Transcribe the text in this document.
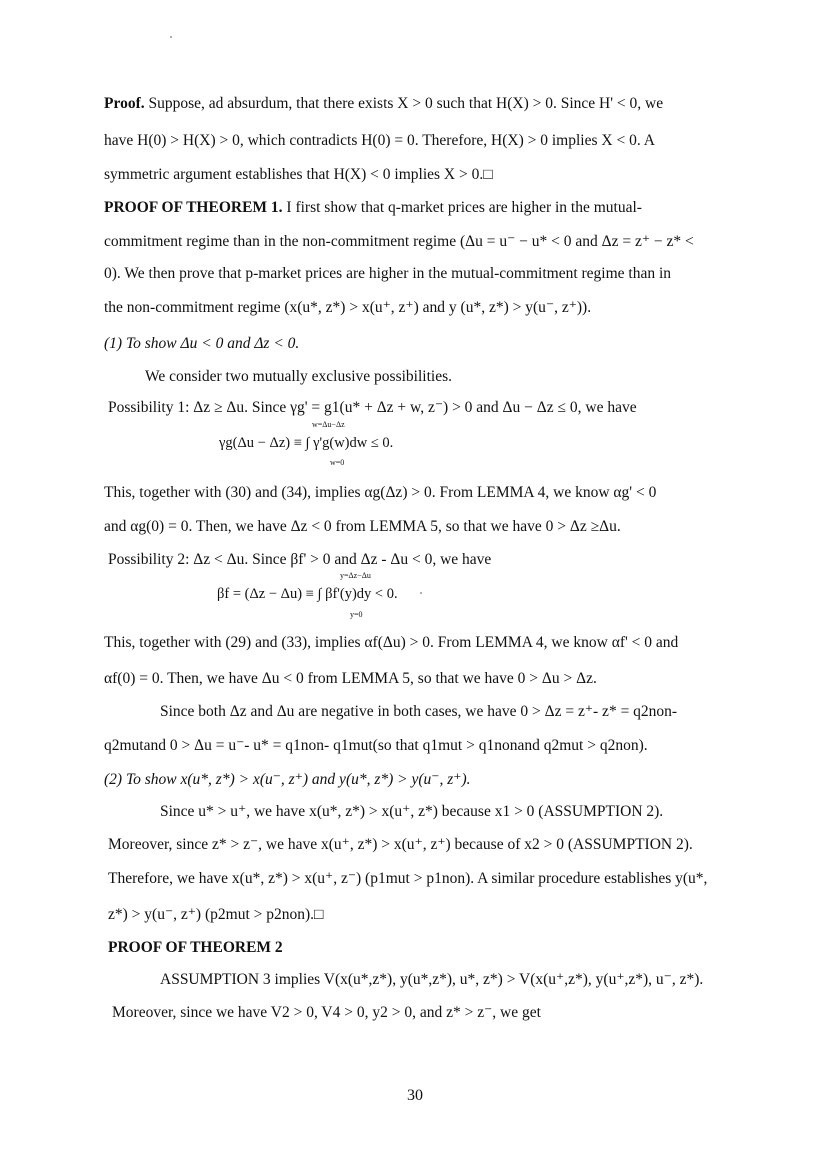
Proof. Suppose, ad absurdum, that there exists X > 0 such that H(X) > 0. Since H' < 0, we
have H(0) > H(X) > 0, which contradicts H(0) = 0. Therefore, H(X) > 0 implies X < 0. A
symmetric argument establishes that H(X) < 0 implies X > 0.□
PROOF OF THEOREM 1. I first show that q-market prices are higher in the mutual-
commitment regime than in the non-commitment regime (Δu = u⁻ − u* < 0 and Δz = z⁺ − z* <
0). We then prove that p-market prices are higher in the mutual-commitment regime than in
the non-commitment regime (x(u*, z*) > x(u⁺, z⁺) and y (u*, z*) > y(u⁻, z⁺)).
(1) To show Δu < 0 and Δz < 0.
We consider two mutually exclusive possibilities.
Possibility 1: Δz ≥ Δu. Since γg' = g1(u* + Δz + w, z⁻) > 0 and Δu − Δz ≤ 0, we have
w=Δu−Δz
γg(Δu − Δz) ≡ ∫ γ'g(w)dw ≤ 0.
w=0
This, together with (30) and (34), implies αg(Δz) > 0. From LEMMA 4, we know αg' < 0
and αg(0) = 0. Then, we have Δz < 0 from LEMMA 5, so that we have 0 > Δz ≥Δu.
Possibility 2: Δz < Δu. Since βf' > 0 and Δz - Δu < 0, we have
y=Δz−Δu
βf = (Δz − Δu) ≡ ∫ βf'(y)dy < 0.
y=0
This, together with (29) and (33), implies αf(Δu) > 0. From LEMMA 4, we know αf' < 0 and
αf(0) = 0. Then, we have Δu < 0 from LEMMA 5, so that we have 0 > Δu > Δz.
Since both Δz and Δu are negative in both cases, we have 0 > Δz = z⁺- z* = q2non-
q2mutand 0 > Δu = u⁻- u* = q1non- q1mut(so that q1mut > q1nonand q2mut > q2non).
(2) To show x(u*, z*) > x(u⁻, z⁺) and y(u*, z*) > y(u⁻, z⁺).
Since u* > u⁺, we have x(u*, z*) > x(u⁺, z*) because x1 > 0 (ASSUMPTION 2).
Moreover, since z* > z⁻, we have x(u⁺, z*) > x(u⁺, z⁺) because of x2 > 0 (ASSUMPTION 2).
Therefore, we have x(u*, z*) > x(u⁺, z⁻) (p1mut > p1non). A similar procedure establishes y(u*,
z*) > y(u⁻, z⁺) (p2mut > p2non).□
PROOF OF THEOREM 2
ASSUMPTION 3 implies V(x(u*,z*), y(u*,z*), u*, z*) > V(x(u⁺,z*), y(u⁺,z*), u⁻, z*).
Moreover, since we have V2 > 0, V4 > 0, y2 > 0, and z* > z⁻, we get
30
